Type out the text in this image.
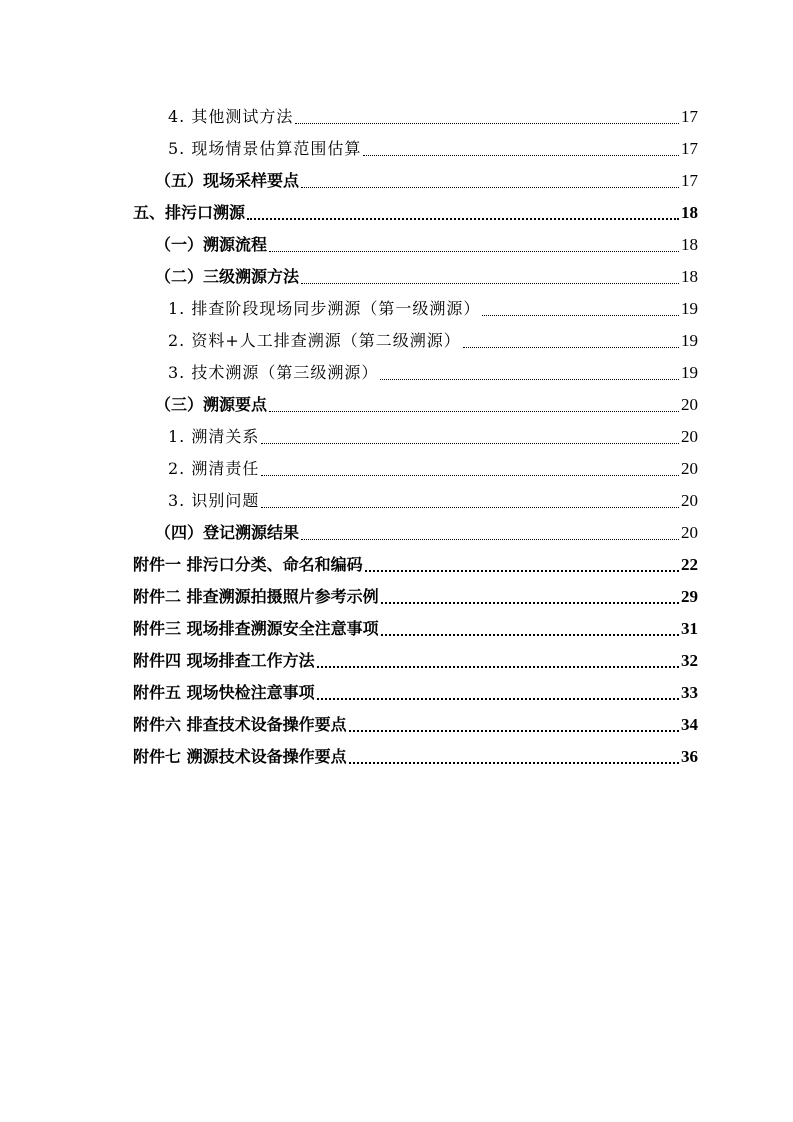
4. 其他测试方法	17
5. 现场情景估算范围估算	17
（五）现场采样要点	17
五、排污口溯源	18
（一）溯源流程	18
（二）三级溯源方法	18
1. 排查阶段现场同步溯源（第一级溯源）	19
2. 资料+人工排查溯源（第二级溯源）	19
3. 技术溯源（第三级溯源）	19
（三）溯源要点	20
1. 溯清关系	20
2. 溯清责任	20
3. 识别问题	20
（四）登记溯源结果	20
附件一 排污口分类、命名和编码	22
附件二 排查溯源拍摄照片参考示例	29
附件三 现场排查溯源安全注意事项	31
附件四 现场排查工作方法	32
附件五 现场快检注意事项	33
附件六 排查技术设备操作要点	34
附件七 溯源技术设备操作要点	36
